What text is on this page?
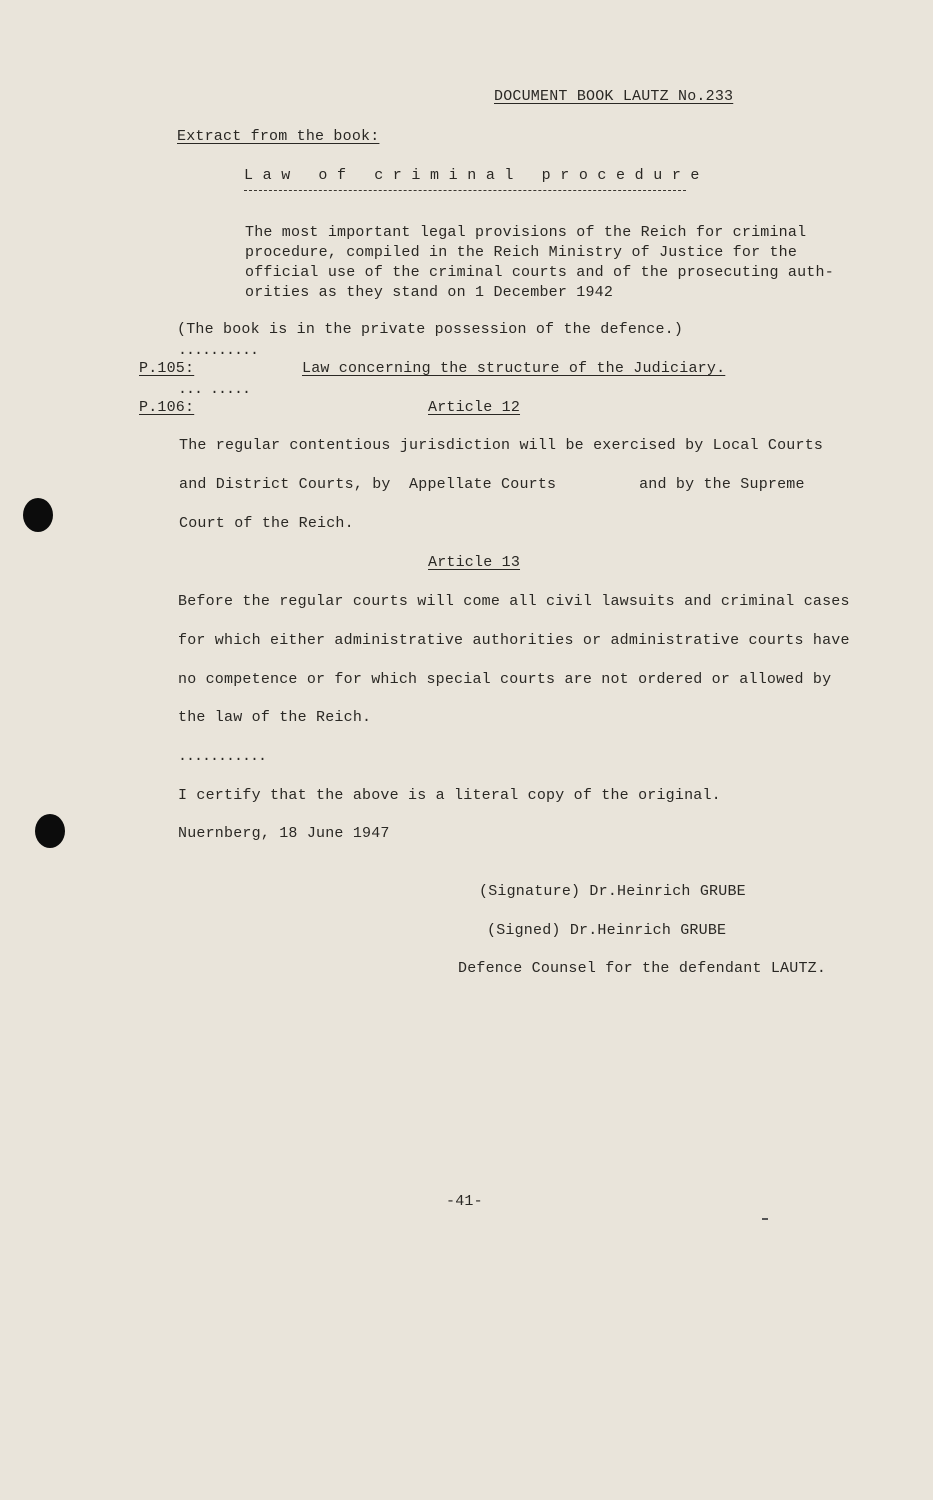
DOCUMENT BOOK LAUTZ No.233
Extract from the book:
Law of criminal procedure
The most important legal provisions of the Reich for criminal
procedure, compiled in the Reich Ministry of Justice for the
official use of the criminal courts and of the prosecuting auth-
orities as they stand on 1 December 1942
(The book is in the private possession of the defence.)
..........
P.105:	Law concerning the structure of the Judiciary.
... .....
P.106:	Article 12
The regular contentious jurisdiction will be exercised by Local Courts
and District Courts, by  Appellate Courts         and by the Supreme
Court of the Reich.
Article 13
Before the regular courts will come all civil lawsuits and criminal cases
for which either administrative authorities or administrative courts have
no competence or for which special courts are not ordered or allowed by
the law of the Reich.
...........
I certify that the above is a literal copy of the original.
Nuernberg, 18 June 1947
(Signature) Dr.Heinrich GRUBE
(Signed) Dr.Heinrich GRUBE
Defence Counsel for the defendant LAUTZ.
-41-
